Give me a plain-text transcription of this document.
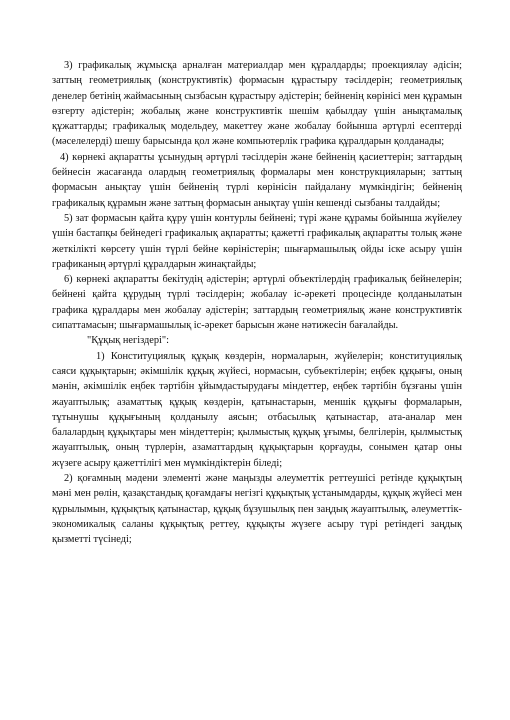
3) графикалық жұмысқа арналған материалдар мен құралдарды; проекциялау әдісін; заттың геометриялық (конструктивтік) формасын құрастыру тәсілдерін; геометриялық денелер бетінің жаймасының сызбасын құрастыру әдістерін; бейненің көрінісі мен құрамын өзгерту әдістерін; жобалық және конструктивтік шешім қабылдау үшін анықтамалық құжаттарды; графикалық модельдеу, макеттеу және жобалау бойынша әртүрлі есептерді (мәселелерді) шешу барысында қол және компьютерлік графика құралдарын қолданады;

4) көрнекі ақпаратты ұсынудың әртүрлі тәсілдерін және бейненің қасиеттерін; заттардың бейнесін жасағанда олардың геометриялық формалары мен конструкцияларын; заттың формасын анықтау үшін бейненің түрлі көрінісін пайдалану мүмкіндігін; бейненің графикалық құрамын және заттың формасын анықтау үшін кешенді сызбаны талдайды;

5) зат формасын қайта құру үшін контурлы бейнені; түрі және құрамы бойынша жүйелеу үшін бастапқы бейнедегі графикалық ақпаратты; қажетті графикалық ақпаратты толық және жеткілікті көрсету үшін түрлі бейне көріністерін; шығармашылық ойды іске асыру үшін графиканың әртүрлі құралдарын жинақтайды;

6) көрнекі ақпаратты бекітудің әдістерін; әртүрлі объектілердің графикалық бейнелерін; бейнені қайта құрудың түрлі тәсілдерін; жобалау іс-әрекеті процесінде қолданылатын графика құралдары мен жобалау әдістерін; заттардың геометриялық және конструктивтік сипаттамасын; шығармашылық іс-әрекет барысын және нәтижесін бағалайды.

"Құқық негіздері":

1) Конституциялық құқық көздерін, нормаларын, жүйелерін; конституциялық саяси құқықтарын; әкімшілік құқық жүйесі, нормасын, субъектілерін; еңбек құқығы, оның мәнін, әкімшілік еңбек тәртібін ұйымдастырудағы міндеттер, еңбек тәртібін бұзғаны үшін жауаптылық; азаматтық құқық көздерін, қатынастарын, меншік құқығы формаларын, тұтынушы құқығының қолданылу аясын; отбасылық қатынастар, ата-аналар мен балалардың құқықтары мен міндеттерін; қылмыстық құқық ұғымы, белгілерін, қылмыстық жауаптылық, оның түрлерін, азаматтардың құқықтарын қорғауды, сонымен қатар оны жүзеге асыру қажеттілігі мен мүмкіндіктерін біледі;

2) қоғамның мәдени элементі және маңызды әлеуметтік реттеушісі ретінде құқықтың мәні мен рөлін, қазақстандық қоғамдағы негізгі құқықтық ұстанымдарды, құқық жүйесі мен құрылымын, құқықтық қатынастар, құқық бұзушылық пен заңдық жауаптылық, әлеуметтік-экономикалық саланы құқықтық реттеу, құқықты жүзеге асыру түрі ретіндегі заңдық қызметті түсінеді;
